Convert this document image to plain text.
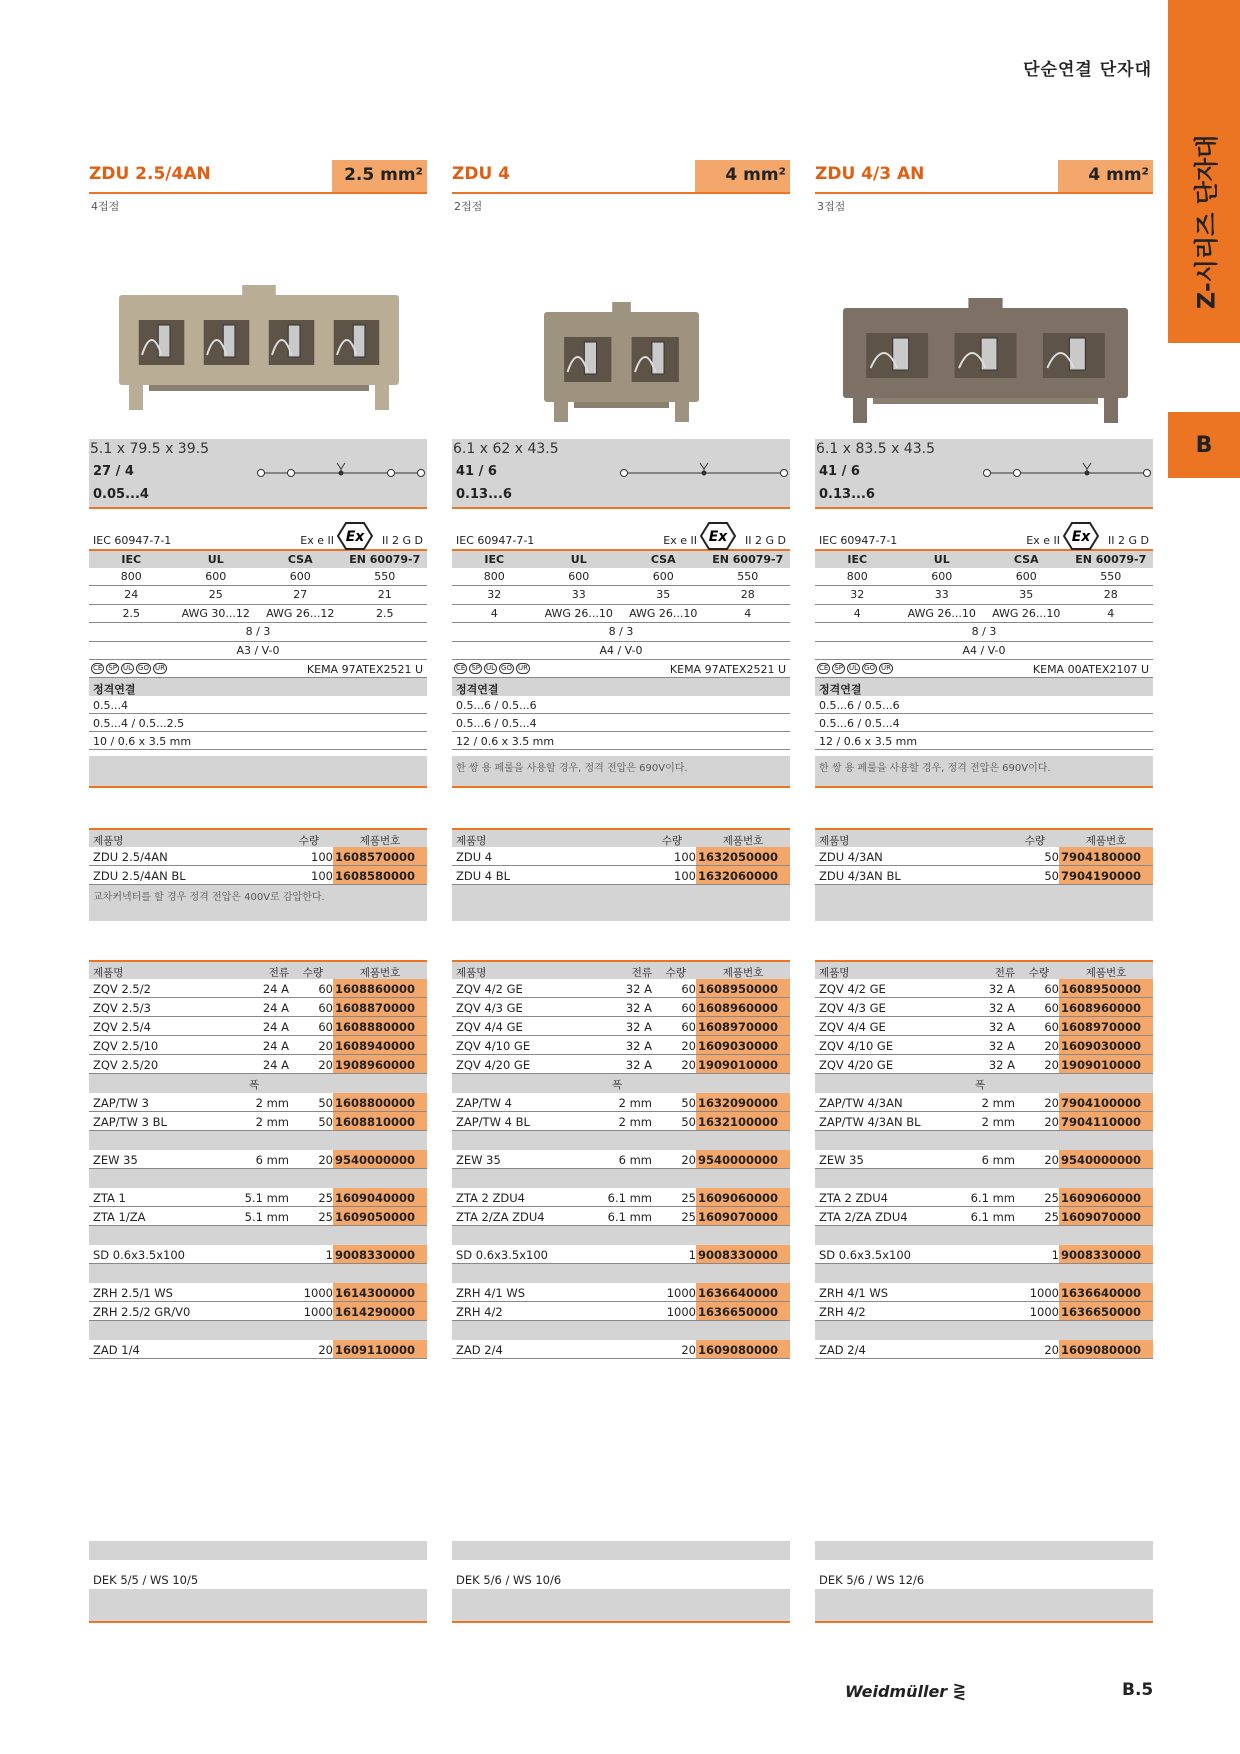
단순연결 단자대
Z-시리즈 단자대
B
ZDU 2.5/4AN	2.5 mm²
4접점
5.1 x 79.5 x 39.5
27 / 4
0.05...4
IEC 60947-7-1	Ex e II Ex II 2 G D
IEC	UL	CSA	EN 60079-7
800	600	600	550
24	25	27	21
2.5	AWG 30...12	AWG 26...12	2.5
8 / 3
A3 / V-0
CE SP UL GO UR	KEMA 97ATEX2521 U
정격연결
0.5...4
0.5...4 / 0.5...2.5
10 / 0.6 x 3.5 mm
제품명	수량	제품번호
ZDU 2.5/4AN	100 1608570000
ZDU 2.5/4AN BL	100 1608580000
교차커넥터를 할 경우 정격 전압은 400V로 감압한다.
제품명	전류 수량	제품번호
ZQV 2.5/2	24 A	60 1608860000
ZQV 2.5/3	24 A	60 1608870000
ZQV 2.5/4	24 A	60 1608880000
ZQV 2.5/10	24 A	20 1608940000
ZQV 2.5/20	24 A	20 1908960000
폭
ZAP/TW 3	2 mm	50 1608800000
ZAP/TW 3 BL	2 mm	50 1608810000
ZEW 35	6 mm	20 9540000000
ZTA 1	5.1 mm	25 1609040000
ZTA 1/ZA	5.1 mm	25 1609050000
SD 0.6x3.5x100	1 9008330000
ZRH 2.5/1 WS	1000 1614300000
ZRH 2.5/2 GR/V0	1000 1614290000
ZAD 1/4	20 1609110000
DEK 5/5 / WS 10/5
ZDU 4	4 mm²
2접점
6.1 x 62 x 43.5
41 / 6
0.13...6
IEC 60947-7-1	Ex e II Ex II 2 G D
IEC	UL	CSA	EN 60079-7
800	600	600	550
32	33	35	28
4	AWG 26...10	AWG 26...10	4
8 / 3
A4 / V-0
CE SP UL GO UR	KEMA 97ATEX2521 U
정격연결
0.5...6 / 0.5...6
0.5...6 / 0.5...4
12 / 0.6 x 3.5 mm
한 쌍 용 페룰을 사용할 경우, 정격 전압은 690V이다.
제품명	수량	제품번호
ZDU 4	100 1632050000
ZDU 4 BL	100 1632060000
제품명	전류 수량	제품번호
ZQV 4/2 GE	32 A	60 1608950000
ZQV 4/3 GE	32 A	60 1608960000
ZQV 4/4 GE	32 A	60 1608970000
ZQV 4/10 GE	32 A	20 1609030000
ZQV 4/20 GE	32 A	20 1909010000
폭
ZAP/TW 4	2 mm	50 1632090000
ZAP/TW 4 BL	2 mm	50 1632100000
ZEW 35	6 mm	20 9540000000
ZTA 2 ZDU4	6.1 mm	25 1609060000
ZTA 2/ZA ZDU4	6.1 mm	25 1609070000
SD 0.6x3.5x100	1 9008330000
ZRH 4/1 WS	1000 1636640000
ZRH 4/2	1000 1636650000
ZAD 2/4	20 1609080000
DEK 5/6 / WS 10/6
ZDU 4/3 AN	4 mm²
3접점
6.1 x 83.5 x 43.5
41 / 6
0.13...6
IEC 60947-7-1	Ex e II Ex II 2 G D
IEC	UL	CSA	EN 60079-7
800	600	600	550
32	33	35	28
4	AWG 26...10	AWG 26...10	4
8 / 3
A4 / V-0
CE SP UL GO UR	KEMA 00ATEX2107 U
정격연결
0.5...6 / 0.5...6
0.5...6 / 0.5...4
12 / 0.6 x 3.5 mm
한 쌍 용 페룰을 사용할 경우, 정격 전압은 690V이다.
제품명	수량	제품번호
ZDU 4/3AN	50 7904180000
ZDU 4/3AN BL	50 7904190000
제품명	전류 수량	제품번호
ZQV 4/2 GE	32 A	60 1608950000
ZQV 4/3 GE	32 A	60 1608960000
ZQV 4/4 GE	32 A	60 1608970000
ZQV 4/10 GE	32 A	20 1609030000
ZQV 4/20 GE	32 A	20 1909010000
폭
ZAP/TW 4/3AN	2 mm	20 7904100000
ZAP/TW 4/3AN BL	2 mm	20 7904110000
ZEW 35	6 mm	20 9540000000
ZTA 2 ZDU4	6.1 mm	25 1609060000
ZTA 2/ZA ZDU4	6.1 mm	25 1609070000
SD 0.6x3.5x100	1 9008330000
ZRH 4/1 WS	1000 1636640000
ZRH 4/2	1000 1636650000
ZAD 2/4	20 1609080000
DEK 5/6 / WS 12/6
Weidmüller ⋛	B.5
